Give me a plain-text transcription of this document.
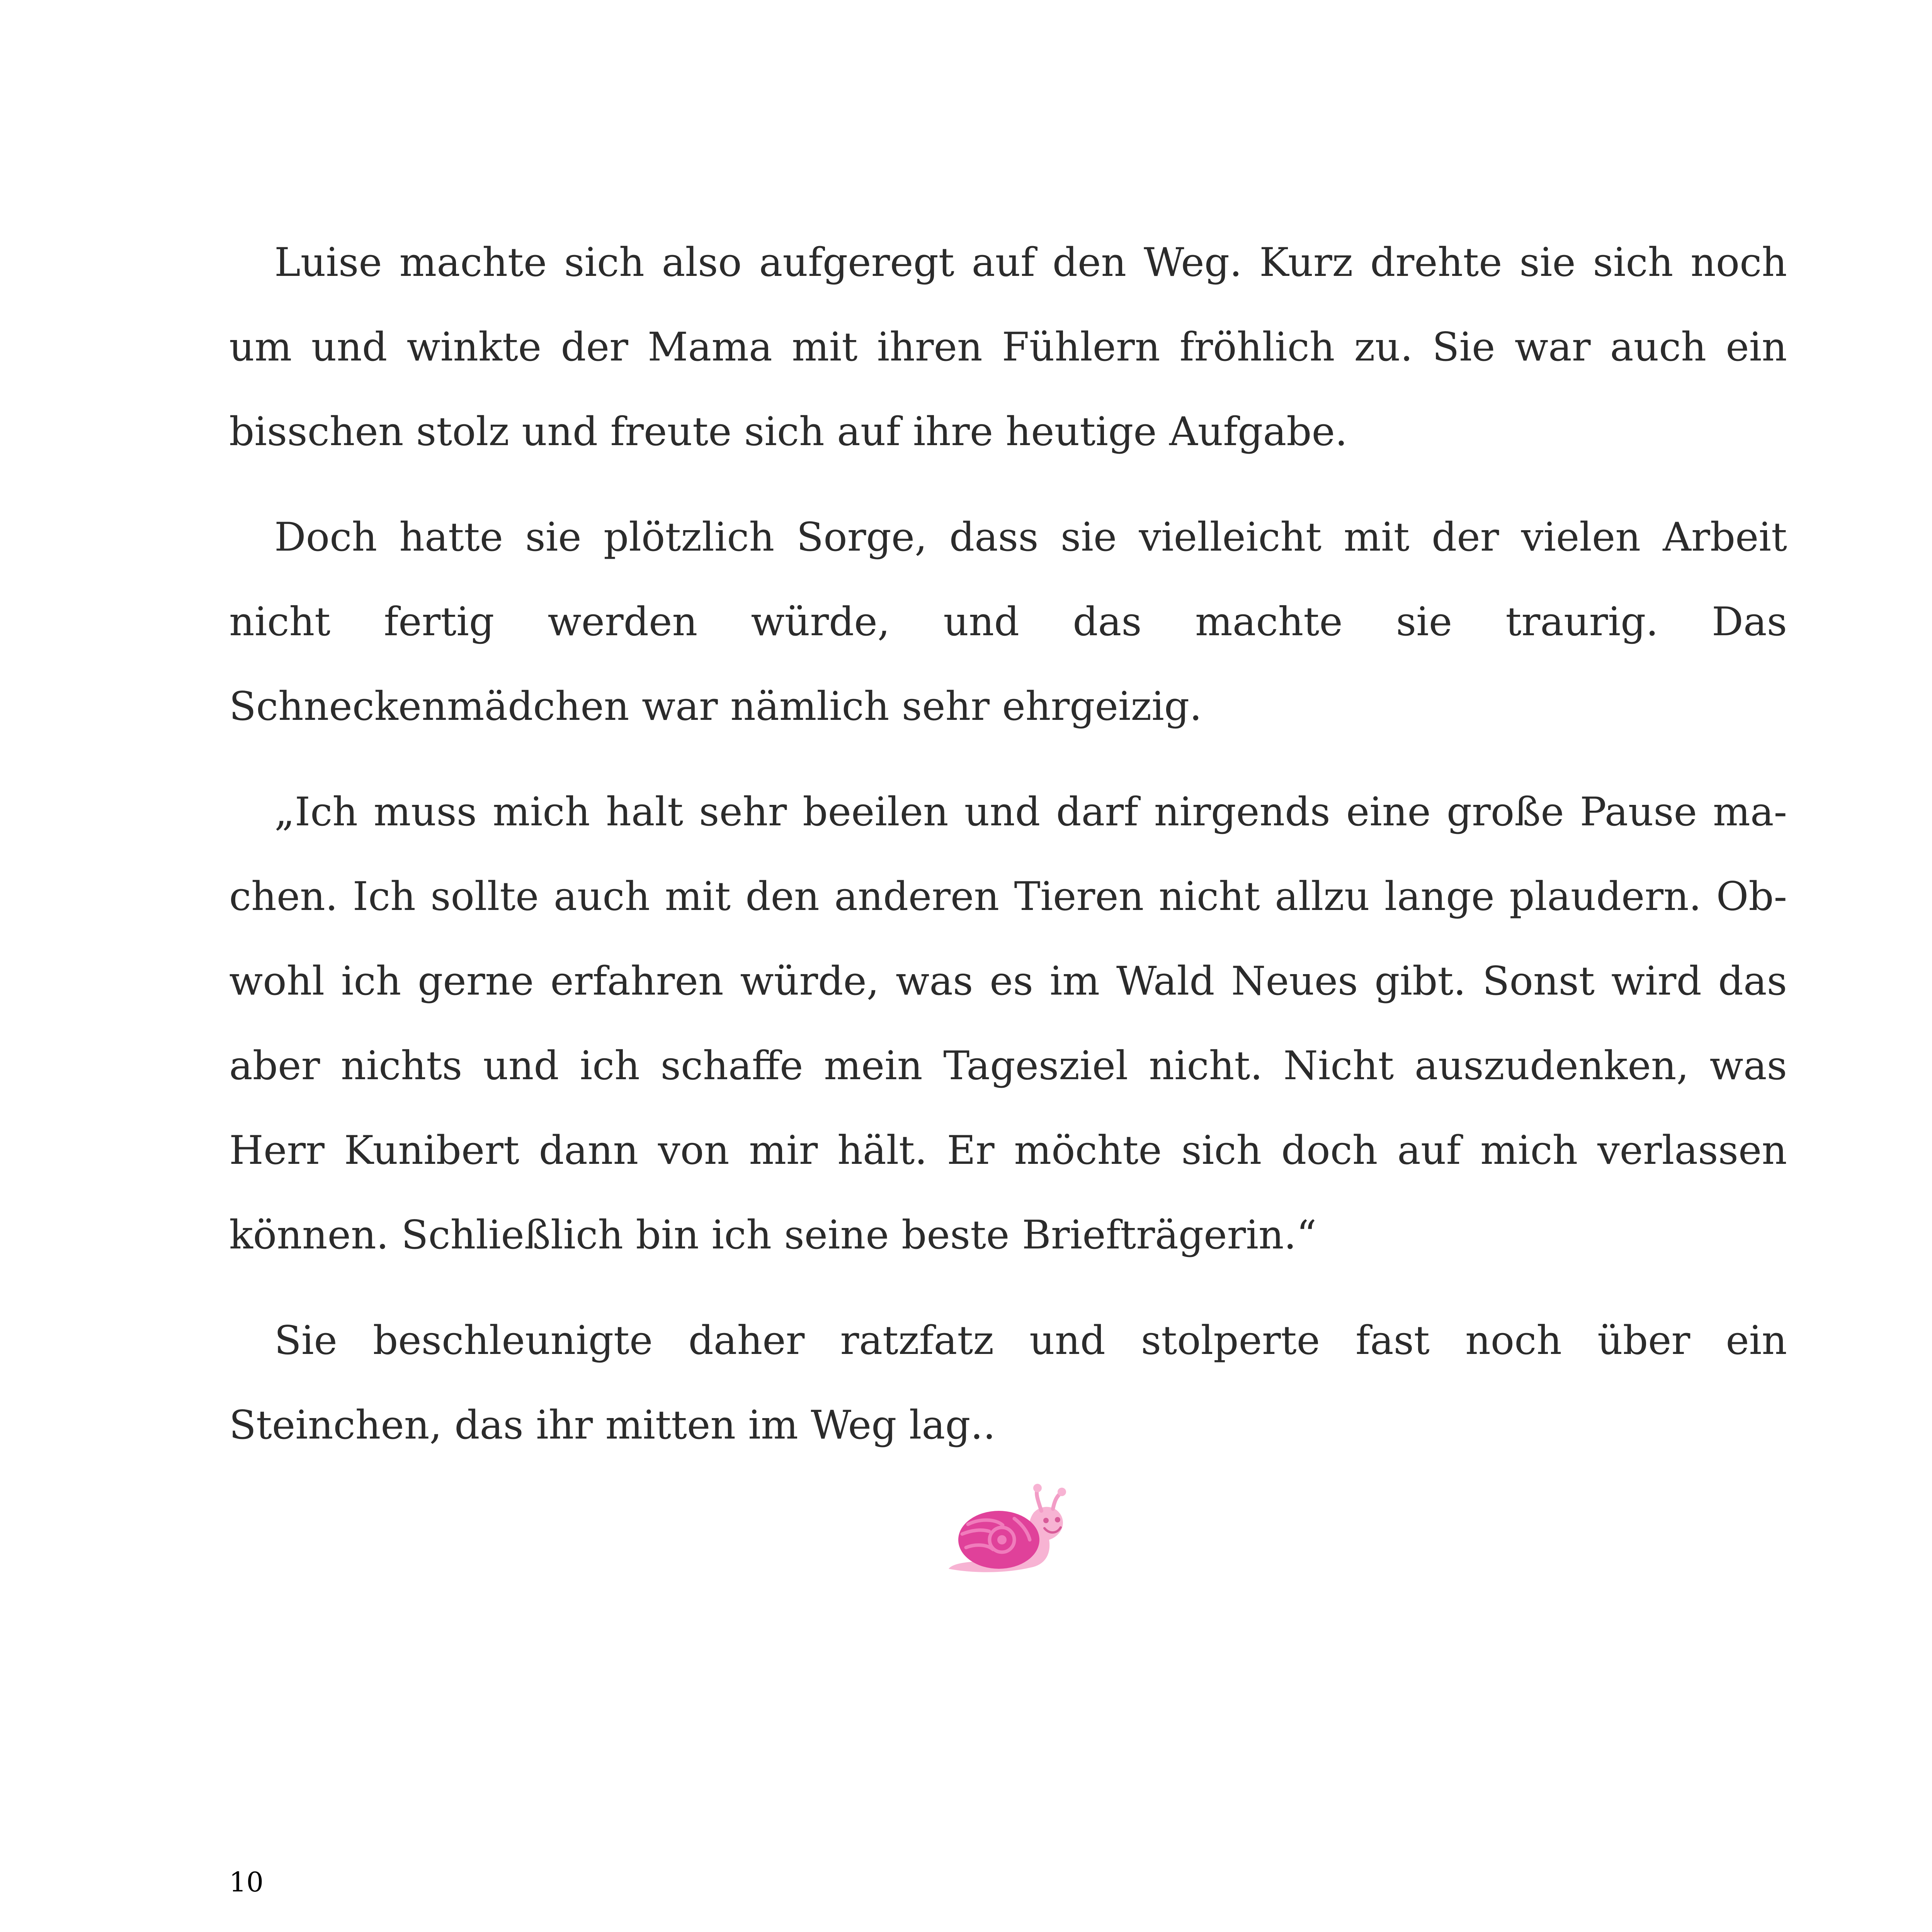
Luise machte sich also aufgeregt auf den Weg. Kurz drehte sie sich noch um und winkte der Mama mit ihren Fühlern fröhlich zu. Sie war auch ein bisschen stolz und freute sich auf ihre heutige Aufgabe.

Doch hatte sie plötzlich Sorge, dass sie vielleicht mit der vielen Arbeit nicht fertig werden würde, und das machte sie traurig. Das Schneckenmädchen war nämlich sehr ehrgeizig.

„Ich muss mich halt sehr beeilen und darf nirgends eine große Pause machen. Ich sollte auch mit den anderen Tieren nicht allzu lange plaudern. Obwohl ich gerne erfahren würde, was es im Wald Neues gibt. Sonst wird das aber nichts und ich schaffe mein Tagesziel nicht. Nicht auszudenken, was Herr Kunibert dann von mir hält. Er möchte sich doch auf mich verlassen können. Schließlich bin ich seine beste Briefträgerin.“

Sie beschleunigte daher ratzfatz und stolperte fast noch über ein Steinchen, das ihr mitten im Weg lag..

10
